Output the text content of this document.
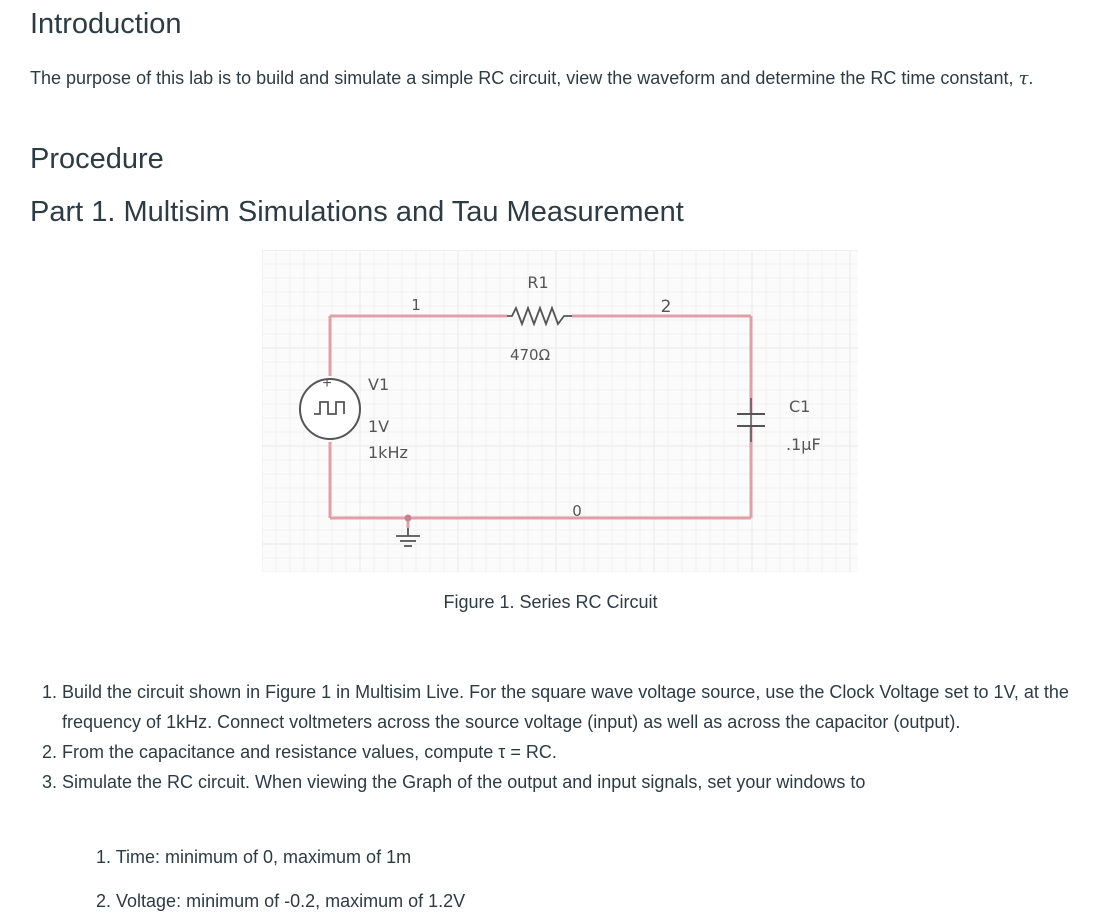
Introduction

The purpose of this lab is to build and simulate a simple RC circuit, view the waveform and determine the RC time constant, τ.

Procedure
Part 1. Multisim Simulations and Tau Measurement
+
R1
470Ω
1	2
0
V1
1V
1kHz
C1
.1µF

Figure 1. Series RC Circuit

1. Build the circuit shown in Figure 1 in Multisim Live. For the square wave voltage source, use the Clock Voltage set to 1V, at the frequency of 1kHz. Connect voltmeters across the source voltage (input) as well as across the capacitor (output).
2. From the capacitance and resistance values, compute τ = RC.
3. Simulate the RC circuit. When viewing the Graph of the output and input signals, set your windows to

1. Time: minimum of 0, maximum of 1m

2. Voltage: minimum of -0.2, maximum of 1.2V
